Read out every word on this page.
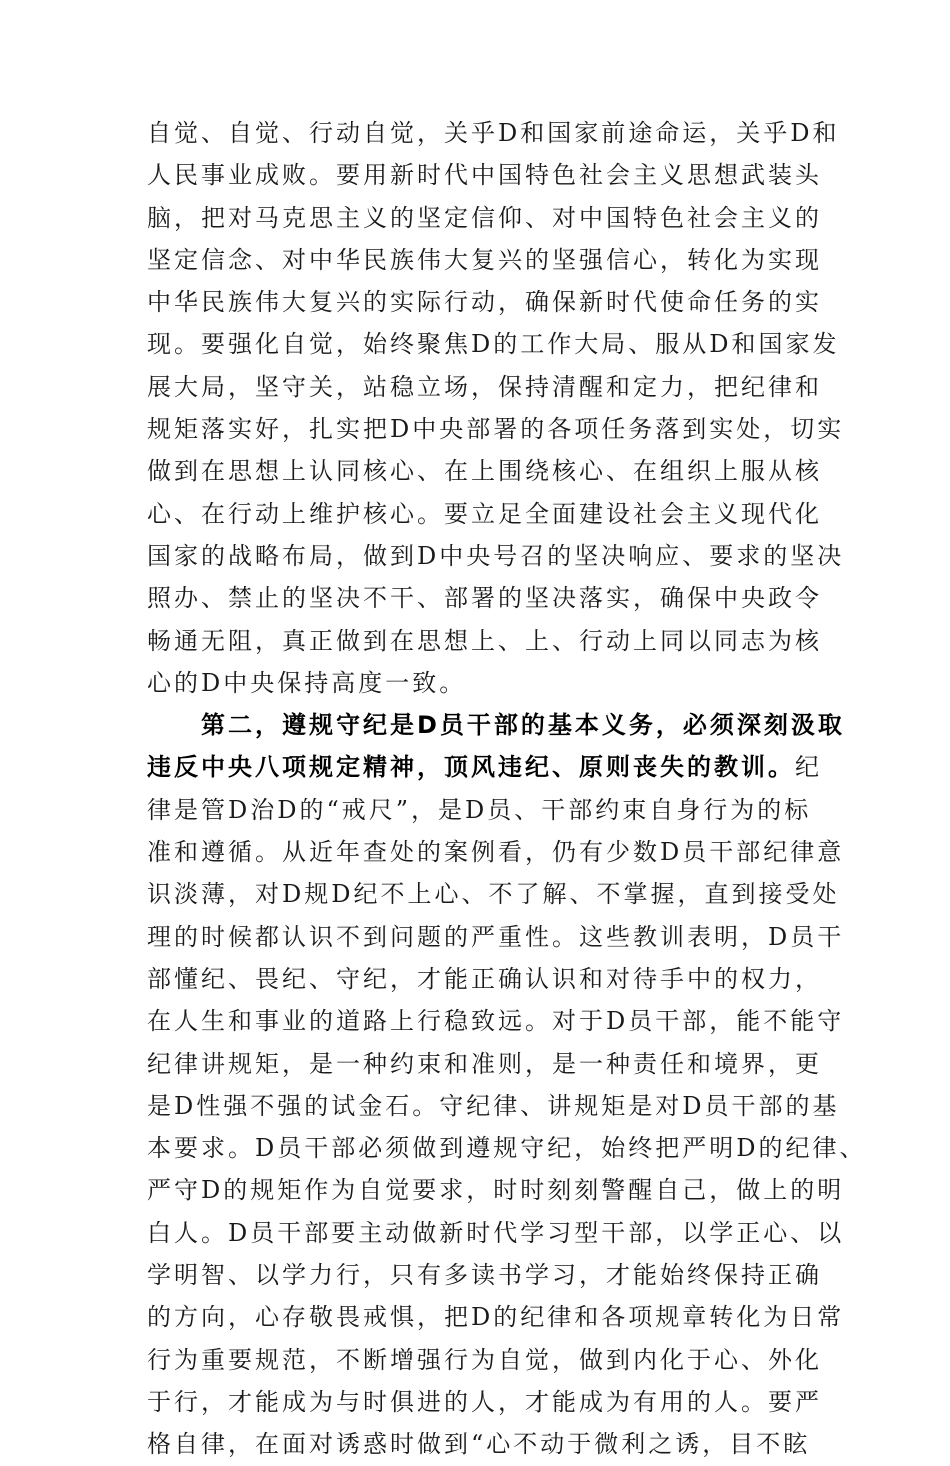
自觉、自觉、行动自觉，关乎D和国家前途命运，关乎D和
人民事业成败。要用新时代中国特色社会主义思想武装头
脑，把对马克思主义的坚定信仰、对中国特色社会主义的
坚定信念、对中华民族伟大复兴的坚强信心，转化为实现
中华民族伟大复兴的实际行动，确保新时代使命任务的实
现。要强化自觉，始终聚焦D的工作大局、服从D和国家发
展大局，坚守关，站稳立场，保持清醒和定力，把纪律和
规矩落实好，扎实把D中央部署的各项任务落到实处，切实
做到在思想上认同核心、在上围绕核心、在组织上服从核
心、在行动上维护核心。要立足全面建设社会主义现代化
国家的战略布局，做到D中央号召的坚决响应、要求的坚决
照办、禁止的坚决不干、部署的坚决落实，确保中央政令
畅通无阻，真正做到在思想上、上、行动上同以同志为核
心的D中央保持高度一致。
　　第二，遵规守纪是D员干部的基本义务，必须深刻汲取
违反中央八项规定精神，顶风违纪、原则丧失的教训。纪
律是管D治D的“戒尺”，是D员、干部约束自身行为的标
准和遵循。从近年查处的案例看，仍有少数D员干部纪律意
识淡薄，对D规D纪不上心、不了解、不掌握，直到接受处
理的时候都认识不到问题的严重性。这些教训表明，D员干
部懂纪、畏纪、守纪，才能正确认识和对待手中的权力，
在人生和事业的道路上行稳致远。对于D员干部，能不能守
纪律讲规矩，是一种约束和准则，是一种责任和境界，更
是D性强不强的试金石。守纪律、讲规矩是对D员干部的基
本要求。D员干部必须做到遵规守纪，始终把严明D的纪律、
严守D的规矩作为自觉要求，时时刻刻警醒自己，做上的明
白人。D员干部要主动做新时代学习型干部，以学正心、以
学明智、以学力行，只有多读书学习，才能始终保持正确
的方向，心存敬畏戒惧，把D的纪律和各项规章转化为日常
行为重要规范，不断增强行为自觉，做到内化于心、外化
于行，才能成为与时俱进的人，才能成为有用的人。要严
格自律，在面对诱惑时做到“心不动于微利之诱，目不眩
